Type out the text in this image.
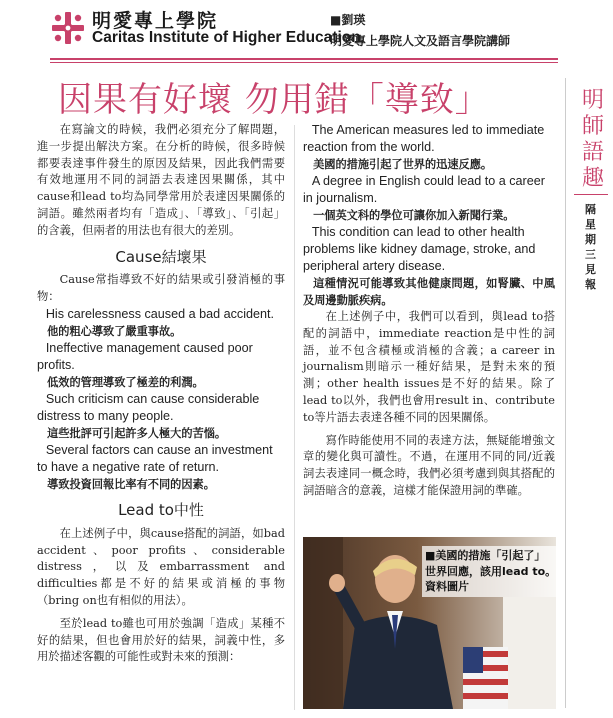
明愛專上學院
Caritas Institute of Higher Education
■劉瑛
明愛專上學院人文及語言學院講師
因果有好壞 勿用錯「導致」	明師語趣
隔星期三見報

在寫論文的時候，我們必須充分了解問題，進一步提出解決方案。在分析的時候，很多時候都要表達事件發生的原因及結果，因此我們需要有效地運用不同的詞語去表達因果關係，其中cause和lead to均為同學常用於表達因果關係的詞語。雖然兩者均有「造成」、「導致」、「引起」的含義，但兩者的用法也有很大的差別。

Cause結壞果

Cause常指導致不好的結果或引發消極的事物：

His carelessness caused a bad accident.

他的粗心導致了嚴重事故。

Ineffective management caused poor profits.

低效的管理導致了極差的利潤。

Such criticism can cause considerable distress to many people.

這些批評可引起許多人極大的苦惱。

Several factors can cause an investment to have a negative rate of return.

導致投資回報比率有不同的因素。

Lead to中性

在上述例子中，與cause搭配的詞語，如bad accident、poor profits、considerable distress，以及embarrassment and difficulties都是不好的結果或消極的事物（bring on也有相似的用法）。

至於lead to雖也可用於強調「造成」某種不好的結果，但也會用於好的結果，詞義中性，多用於描述客觀的可能性或對未來的預測：

The American measures led to immediate reaction from the world.

美國的措施引起了世界的迅速反應。

A degree in English could lead to a career in journalism.

一個英文科的學位可讓你加入新聞行業。

This condition can lead to other health problems like kidney damage, stroke, and peripheral artery disease.

這種情況可能導致其他健康問題，如腎臟、中風及周邊動脈疾病。

在上述例子中，我們可以看到，與lead to搭配的詞語中，immediate reaction是中性的詞語，並不包含積極或消極的含義；a career in journalism則暗示一種好結果，是對未來的預測；other health issues是不好的結果。除了lead to以外，我們也會用result in、contribute to等片語去表達各種不同的因果關係。

寫作時能使用不同的表達方法，無疑能增強文章的變化與可讀性。不過，在運用不同的同/近義詞去表達同一概念時，我們必須考慮到與其搭配的詞語暗含的意義，這樣才能保證用詞的準確。

■美國的措施「引起了」世界回應，該用lead to。　資料圖片
